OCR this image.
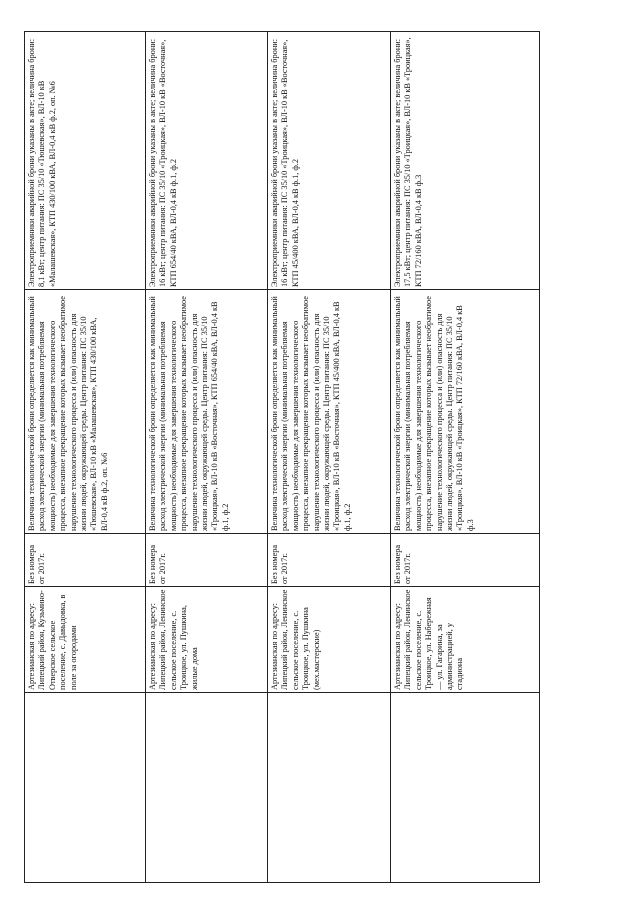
	Артезианская по адресу: Липецкий район, Кузьмино-Отверское сельское поселение, с. Давыдовка, в поле за огородами	Без номера от 2017г.	Величина технологической брони определяется как минимальный расход электрической энергии (минимальная потребляемая мощность) необходимые для завершения технологического процесса, внезапное прекращение которых вызывает необратимое нарушение технологического процесса и (или) опасность для жизни людей, окружающей среды. Центр питания: ПС 35/10 «Тюшевская», ВЛ-10 кВ «Малашевская», КТП 430/100 кВА, ВЛ-0,4 кВ ф.2, оп. №6	Электроприемники аварийной брони указаны в акте; величина брони: 8,1 кВт; центр питания: ПС 35/10 «Тюшевская», ВЛ-10 кВ «Малашевская», КТП 430/100 кВА, ВЛ-0,4 кВ ф.2, оп. №6
	Артезианская по адресу: Липецкий район, Ленинское сельское поселение, с. Троицкое, ул. Пушкина, жилые дома	Без номера от 2017г.	Величина технологической брони определяется как минимальный расход электрической энергии (минимальная потребляемая мощность) необходимые для завершения технологического процесса, внезапное прекращение которых вызывает необратимое нарушение технологического процесса и (или) опасность для жизни людей, окружающей среды. Центр питания: ПС 35/10 «Троицкая», ВЛ-10 кВ «Восточная», КТП 654/40 кВА, ВЛ-0,4 кВ ф.1, ф.2	Электроприемники аварийной брони указаны в акте; величина брони: 16 кВт; центр питания: ПС 35/10 «Троицкая», ВЛ-10 кВ «Восточная», КТП 654/40 кВА, ВЛ-0,4 кВ ф.1, ф.2
	Артезианская по адресу: Липецкий район, Ленинское сельское поселение, с. Троицкое, ул. Пушкина (мех.мастерские)	Без номера от 2017г.	Величина технологической брони определяется как минимальный расход электрической энергии (минимальная потребляемая мощность) необходимые для завершения технологического процесса, внезапное прекращение которых вызывает необратимое нарушение технологического процесса и (или) опасность для жизни людей, окружающей среды. Центр питания: ПС 35/10 «Троицкая», ВЛ-10 кВ «Восточная», КТП 45/400 кВА, ВЛ-0,4 кВ ф.1, ф.2	Электроприемники аварийной брони указаны в акте; величина брони: 16 кВт; центр питания: ПС 35/10 «Троицкая», ВЛ-10 кВ «Восточная», КТП 45/400 кВА, ВЛ-0,4 кВ ф.1, ф.2
	Артезианская по адресу: Липецкий район, Ленинское сельское поселение, с. Троицкое, ул. Набережная — ул. Гагарина, за администрацией, у стадиона	Без номера от 2017г.	Величина технологической брони определяется как минимальный расход электрической энергии (минимальная потребляемая мощность) необходимые для завершения технологического процесса, внезапное прекращение которых вызывает необратимое нарушение технологического процесса и (или) опасность для жизни людей, окружающей среды. Центр питания: ПС 35/10 «Троицкая», ВЛ-10 кВ «Троицкая», КТП 72/160 кВА, ВЛ-0,4 кВ ф.3	Электроприемники аварийной брони указаны в акте; величина брони: 17,5 кВт; центр питания: ПС 35/10 «Троицкая», ВЛ-10 кВ «Троицкая», КТП 72/160 кВА, ВЛ-0,4 кВ ф.3
